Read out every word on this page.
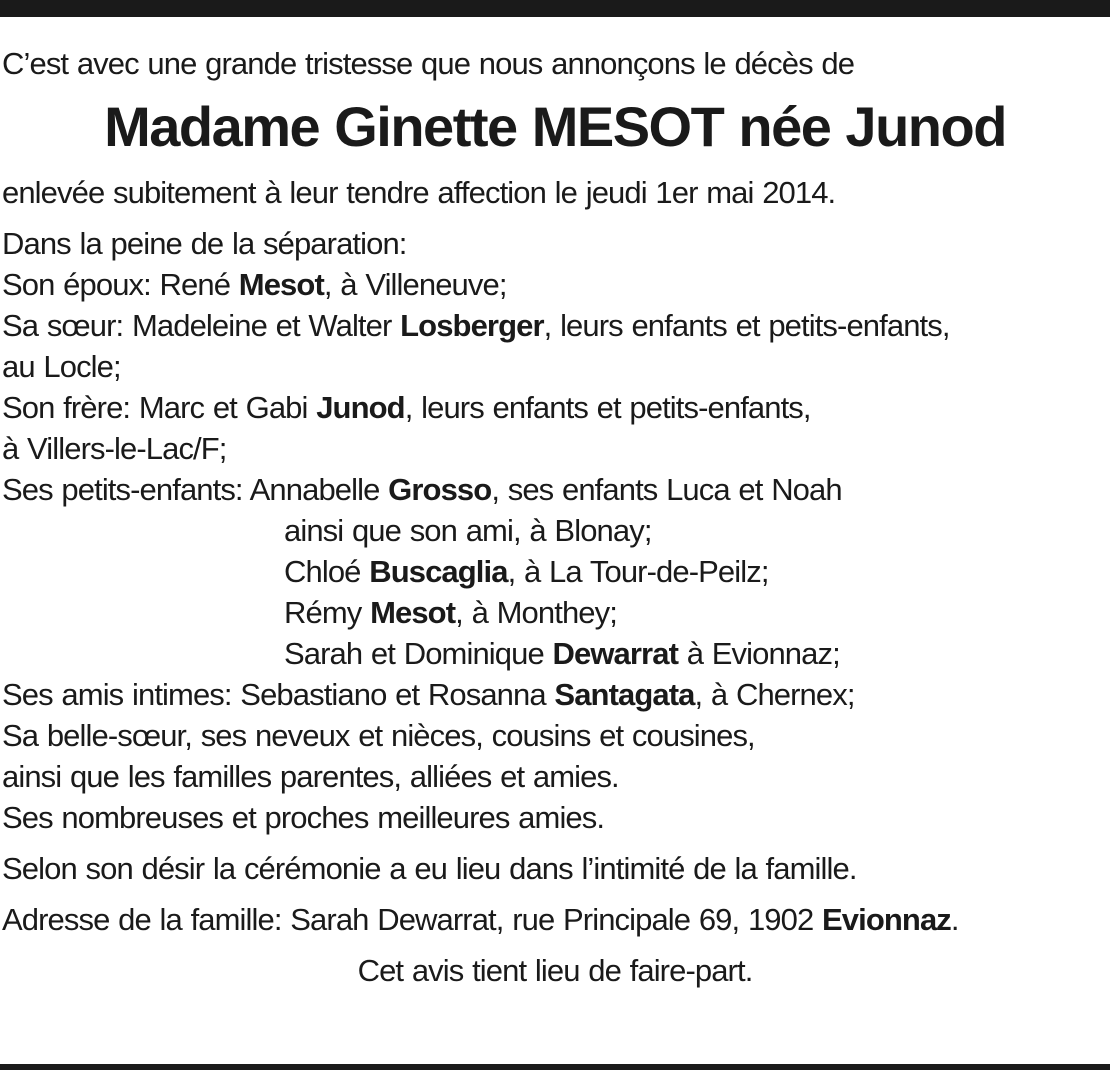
C’est avec une grande tristesse que nous annonçons le décès de
Madame Ginette MESOT née Junod
enlevée subitement à leur tendre affection le jeudi 1er mai 2014.
Dans la peine de la séparation:
Son époux: René Mesot, à Villeneuve;
Sa sœur: Madeleine et Walter Losberger, leurs enfants et petits-enfants,
au Locle;
Son frère: Marc et Gabi Junod, leurs enfants et petits-enfants,
à Villers-le-Lac/F;
Ses petits-enfants: Annabelle Grosso, ses enfants Luca et Noah
ainsi que son ami, à Blonay;
Chloé Buscaglia, à La Tour-de-Peilz;
Rémy Mesot, à Monthey;
Sarah et Dominique Dewarrat à Evionnaz;
Ses amis intimes: Sebastiano et Rosanna Santagata, à Chernex;
Sa belle-sœur, ses neveux et nièces, cousins et cousines,
ainsi que les familles parentes, alliées et amies.
Ses nombreuses et proches meilleures amies.
Selon son désir la cérémonie a eu lieu dans l’intimité de la famille.
Adresse de la famille: Sarah Dewarrat, rue Principale 69, 1902 Evionnaz.
Cet avis tient lieu de faire-part.
